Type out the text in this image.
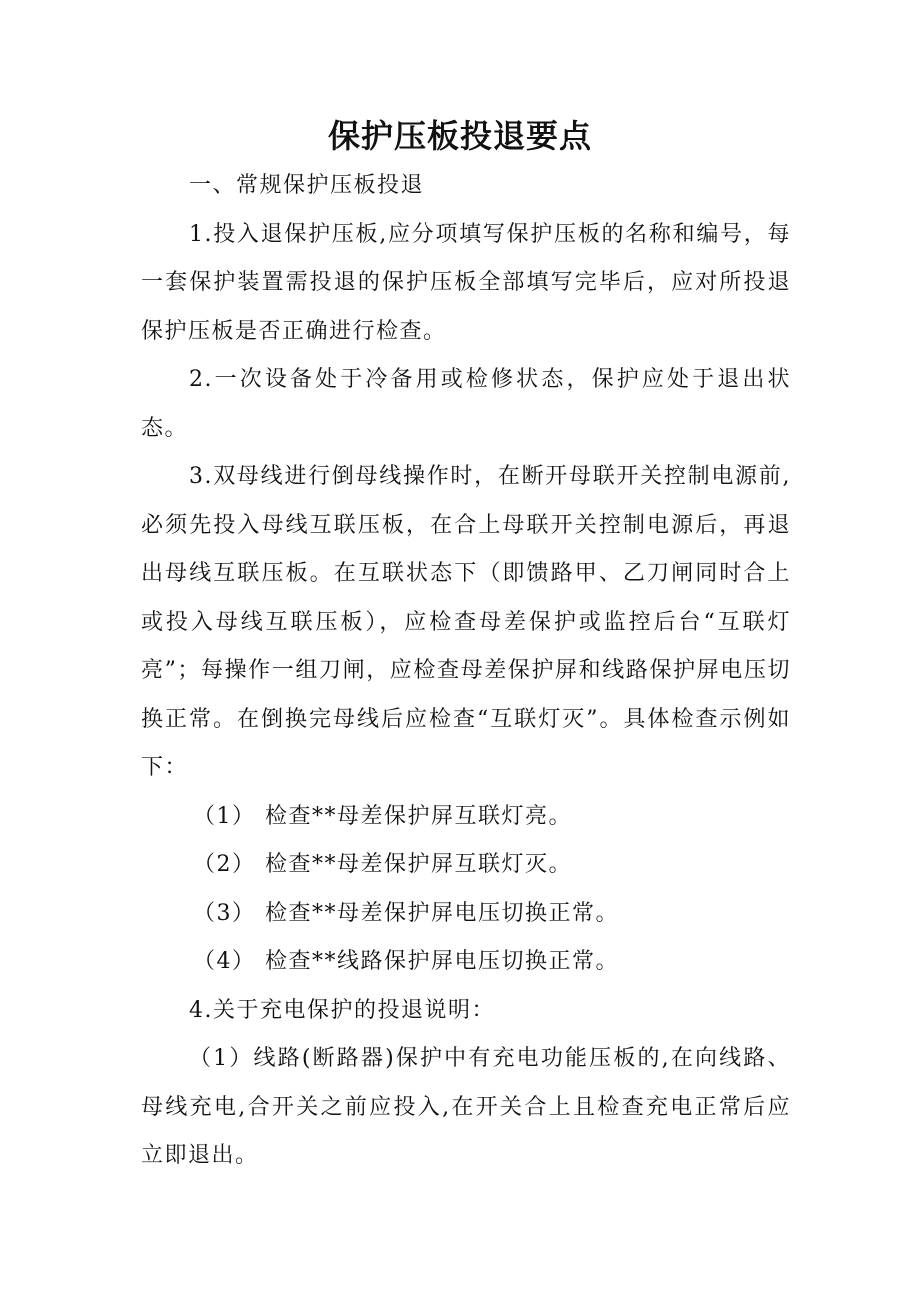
保护压板投退要点

一、常规保护压板投退

1.投入退保护压板,应分项填写保护压板的名称和编号，每一套保护装置需投退的保护压板全部填写完毕后，应对所投退保护压板是否正确进行检查。

2.一次设备处于冷备用或检修状态，保护应处于退出状态。

3.双母线进行倒母线操作时，在断开母联开关控制电源前,必须先投入母线互联压板，在合上母联开关控制电源后，再退出母线互联压板。在互联状态下（即馈路甲、乙刀闸同时合上或投入母线互联压板），应检查母差保护或监控后台“互联灯亮”；每操作一组刀闸，应检查母差保护屏和线路保护屏电压切换正常。在倒换完母线后应检查“互联灯灭”。具体检查示例如下：

（1） 检查**母差保护屏互联灯亮。

（2） 检查**母差保护屏互联灯灭。

（3） 检查**母差保护屏电压切换正常。

（4） 检查**线路保护屏电压切换正常。

4.关于充电保护的投退说明：

（1）线路(断路器)保护中有充电功能压板的,在向线路、母线充电,合开关之前应投入,在开关合上且检查充电正常后应立即退出。
